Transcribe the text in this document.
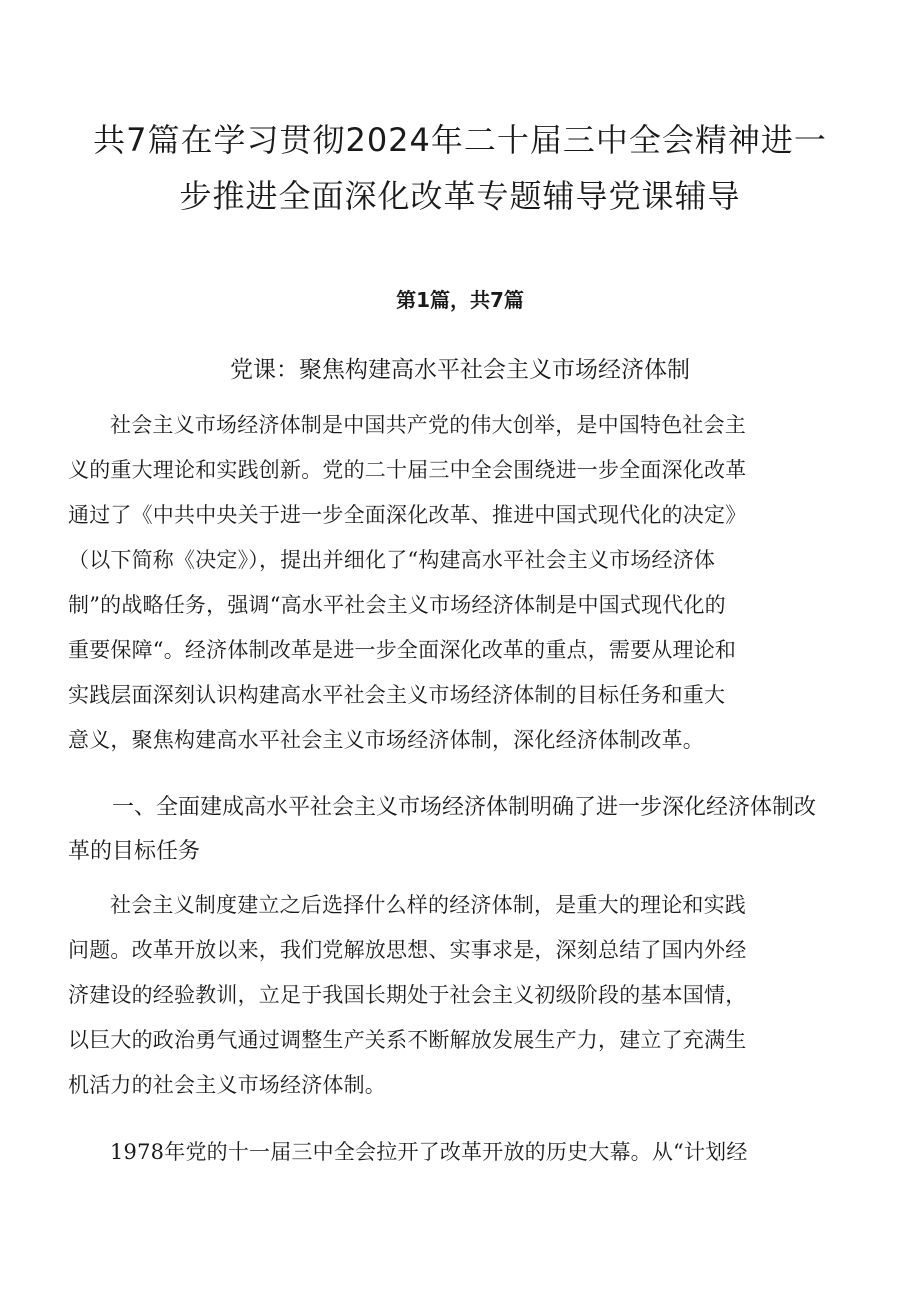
共7篇在学习贯彻2024年二十届三中全会精神进一
步推进全面深化改革专题辅导党课辅导
第1篇，共7篇
党课：聚焦构建高水平社会主义市场经济体制
社会主义市场经济体制是中国共产党的伟大创举，是中国特色社会主
义的重大理论和实践创新。党的二十届三中全会围绕进一步全面深化改革
通过了《中共中央关于进一步全面深化改革、推进中国式现代化的决定》
（以下简称《决定》），提出并细化了“构建高水平社会主义市场经济体
制”的战略任务，强调“高水平社会主义市场经济体制是中国式现代化的
重要保障“。经济体制改革是进一步全面深化改革的重点，需要从理论和
实践层面深刻认识构建高水平社会主义市场经济体制的目标任务和重大
意义，聚焦构建高水平社会主义市场经济体制，深化经济体制改革。
一、全面建成高水平社会主义市场经济体制明确了进一步深化经济体制改
革的目标任务
社会主义制度建立之后选择什么样的经济体制，是重大的理论和实践
问题。改革开放以来，我们党解放思想、实事求是，深刻总结了国内外经
济建设的经验教训，立足于我国长期处于社会主义初级阶段的基本国情，
以巨大的政治勇气通过调整生产关系不断解放发展生产力，建立了充满生
机活力的社会主义市场经济体制。
1978年党的十一届三中全会拉开了改革开放的历史大幕。从“计划经
